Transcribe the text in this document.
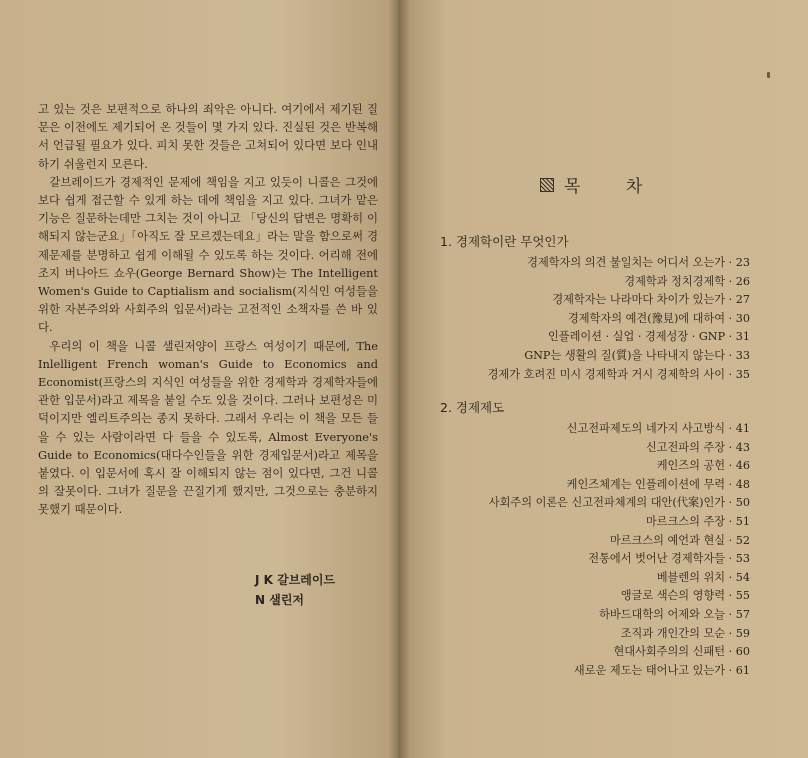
고 있는 것은 보편적으로 하나의 죄악은 아니다. 여기에서 제기된 질문은 이전에도 제기되어 온 것들이 몇 가지 있다. 진실된 것은 반복해서 언급될 필요가 있다. 피치 못한 것들은 고쳐되어 있다면 보다 인내하기 쉬울런지 모른다.

갈브레이드가 경제적인 문제에 책임을 지고 있듯이 니콜은 그것에 보다 쉽게 접근할 수 있게 하는 데에 책임을 지고 있다. 그녀가 맡은 기능은 질문하는데만 그치는 것이 아니고 「당신의 답변은 명확히 이해되지 않는군요」「아직도 잘 모르겠는데요」라는 말을 함으로써 경제문제를 분명하고 쉽게 이해될 수 있도록 하는 것이다. 어리해 전에 조지 버나아드 쇼우(George Bernard Show)는 The Intelligent Women's Guide to Captialism and socialism(지식인 여성들을 위한 자본주의와 사회주의 입문서)라는 고전적인 소책자를 쓴 바 있다.

우리의 이 책을 니콜 샐린저양이 프랑스 여성이기 때문에, The Inlelligent French woman's Guide to Economics and Economist(프랑스의 지식인 여성들을 위한 경제학과 경제학자들에 관한 입문서)라고 제목을 붙일 수도 있을 것이다. 그러나 보편성은 미덕이지만 엘리트주의는 종지 못하다. 그래서 우리는 이 책을 모든 들을 수 있는 사람이라면 다 들을 수 있도록, Almost Everyone's Guide to Economics(대다수인들을 위한 경제입문서)라고 제목을 붙였다. 이 입문서에 혹시 잘 이해되지 않는 점이 있다면, 그건 니콜의 잘못이다. 그녀가 질문을 끈질기게 했지만, 그것으로는 충분하지 못했기 때문이다.

J K 갈브레이드
N 샐린저
목 차
1. 경제학이란 무엇인가
경제학자의 의견 불일치는 어디서 오는가 · 23
경제학과 정치경제학 · 26
경제학자는 나라마다 차이가 있는가 · 27
경제학자의 예견(豫見)에 대하여 · 30
인플레이션 · 실업 · 경제성장 · GNP · 31
GNP는 생활의 질(質)을 나타내지 않는다 · 33
경제가 호려진 미시 경제학과 거시 경제학의 사이 · 35
2. 경제제도
신고전파제도의 네가지 사고방식 · 41
신고전파의 주장 · 43
케인즈의 공헌 · 46
케인즈체계는 인플레이션에 무력 · 48
사회주의 이론은 신고전파체계의 대안(代案)인가 · 50
마르크스의 주장 · 51
마르크스의 예언과 현실 · 52
전통에서 벗어난 경제학자들 · 53
베블렌의 위치 · 54
앵글로 색슨의 영향력 · 55
하바드대학의 어제와 오늘 · 57
조직과 개인간의 모순 · 59
현대사회주의의 신패턴 · 60
새로운 제도는 태어나고 있는가 · 61
